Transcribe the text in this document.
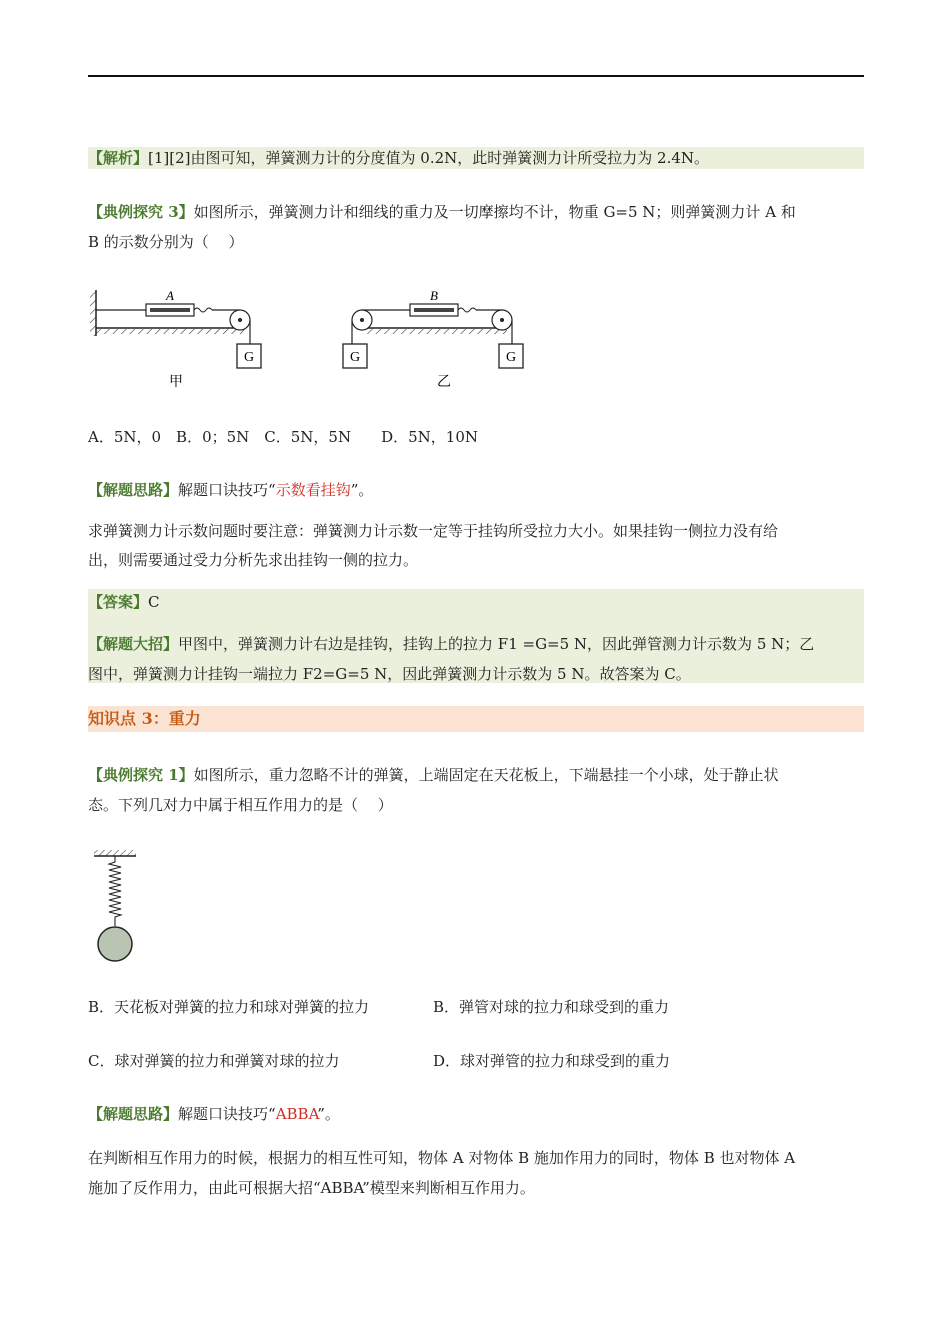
【解析】[1][2]由图可知，弹簧测力计的分度值为 0.2N，此时弹簧测力计所受拉力为 2.4N。
【典例探究 3】如图所示，弹簧测力计和细线的重力及一切摩擦均不计，物重 G=5 N；则弹簧测力计 A 和
B 的示数分别为（　 ）
G
A
甲
G	G
B
乙
A．5N，0　B．0；5N　C．5N，5N　　D．5N，10N
【解题思路】解题口诀技巧“示数看挂钩”。
求弹簧测力计示数问题时要注意：弹簧测力计示数一定等于挂钩所受拉力大小。如果挂钩一侧拉力没有给
出，则需要通过受力分析先求出挂钩一侧的拉力。
【答案】C
【解题大招】甲图中，弹簧测力计右边是挂钩，挂钩上的拉力 F1 =G=5 N，因此弹管测力计示数为 5 N；乙
图中，弹簧测力计挂钩一端拉力 F2=G=5 N，因此弹簧测力计示数为 5 N。故答案为 C。
知识点 3：重力
【典例探究 1】如图所示，重力忽略不计的弹簧，上端固定在天花板上，下端悬挂一个小球，处于静止状
态。下列几对力中属于相互作用力的是（　 ）
B．天花板对弹簧的拉力和球对弹簧的拉力	B．弹管对球的拉力和球受到的重力
C．球对弹簧的拉力和弹簧对球的拉力	D．球对弹管的拉力和球受到的重力
【解题思路】解题口诀技巧“ABBA”。
在判断相互作用力的时候，根据力的相互性可知，物体 A 对物体 B 施加作用力的同时，物体 B 也对物体 A
施加了反作用力，由此可根据大招“ABBA”模型来判断相互作用力。
